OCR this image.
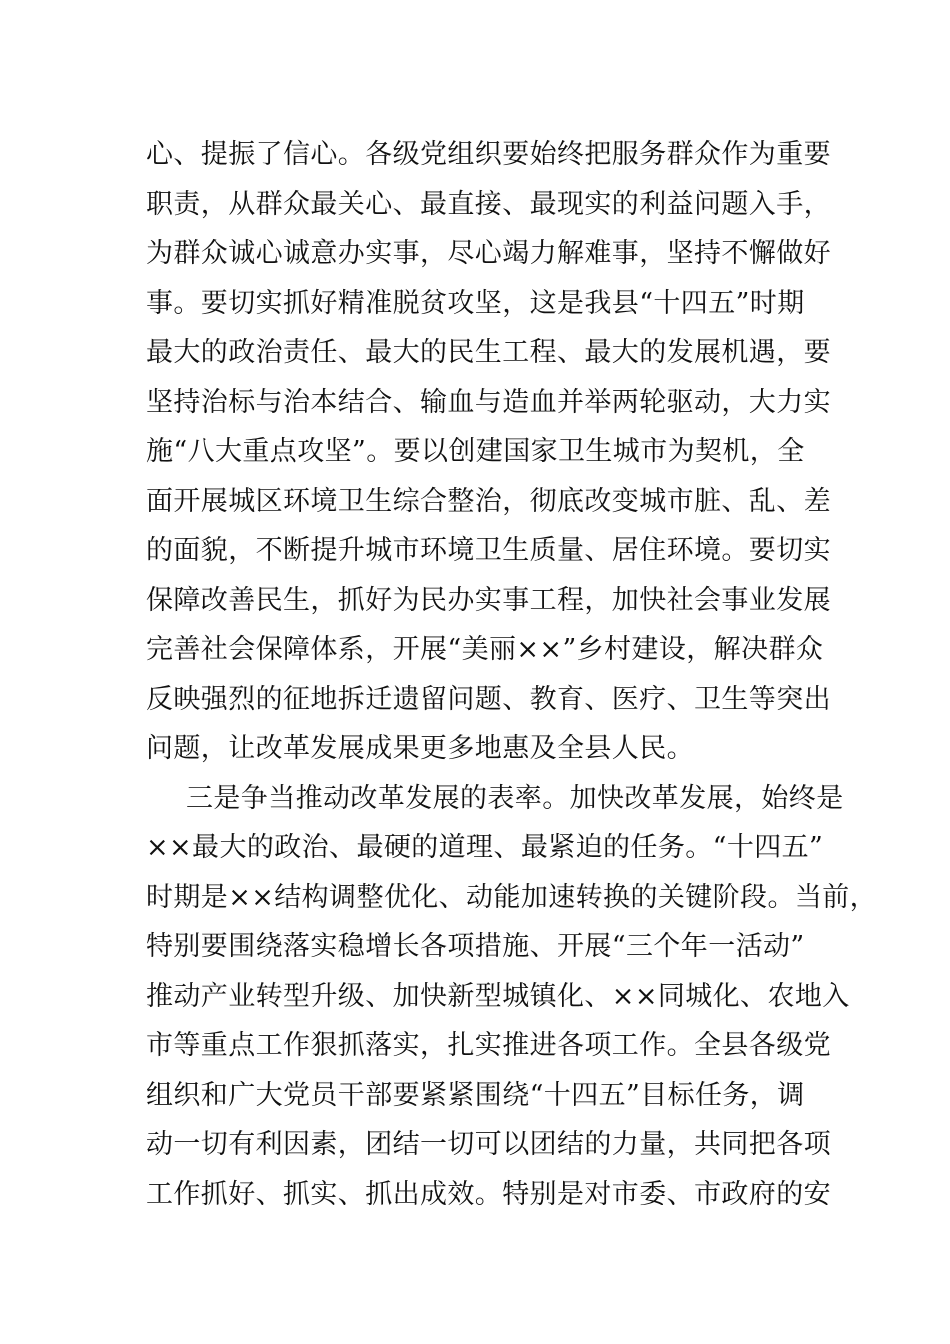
心、提振了信心。各级党组织要始终把服务群众作为重要
职责，从群众最关心、最直接、最现实的利益问题入手，
为群众诚心诚意办实事，尽心竭力解难事，坚持不懈做好
事。要切实抓好精准脱贫攻坚，这是我县“十四五”时期
最大的政治责任、最大的民生工程、最大的发展机遇，要
坚持治标与治本结合、输血与造血并举两轮驱动，大力实
施“八大重点攻坚”。要以创建国家卫生城市为契机，全
面开展城区环境卫生综合整治，彻底改变城市脏、乱、差
的面貌，不断提升城市环境卫生质量、居住环境。要切实
保障改善民生，抓好为民办实事工程，加快社会事业发展
完善社会保障体系，开展“美丽××”乡村建设，解决群众
反映强烈的征地拆迁遗留问题、教育、医疗、卫生等突出
问题，让改革发展成果更多地惠及全县人民。
三是争当推动改革发展的表率。加快改革发展，始终是
××最大的政治、最硬的道理、最紧迫的任务。“十四五”
时期是××结构调整优化、动能加速转换的关键阶段。当前，
特别要围绕落实稳增长各项措施、开展“三个年一活动”
推动产业转型升级、加快新型城镇化、××同城化、农地入
市等重点工作狠抓落实，扎实推进各项工作。全县各级党
组织和广大党员干部要紧紧围绕“十四五”目标任务，调
动一切有利因素，团结一切可以团结的力量，共同把各项
工作抓好、抓实、抓出成效。特别是对市委、市政府的安
